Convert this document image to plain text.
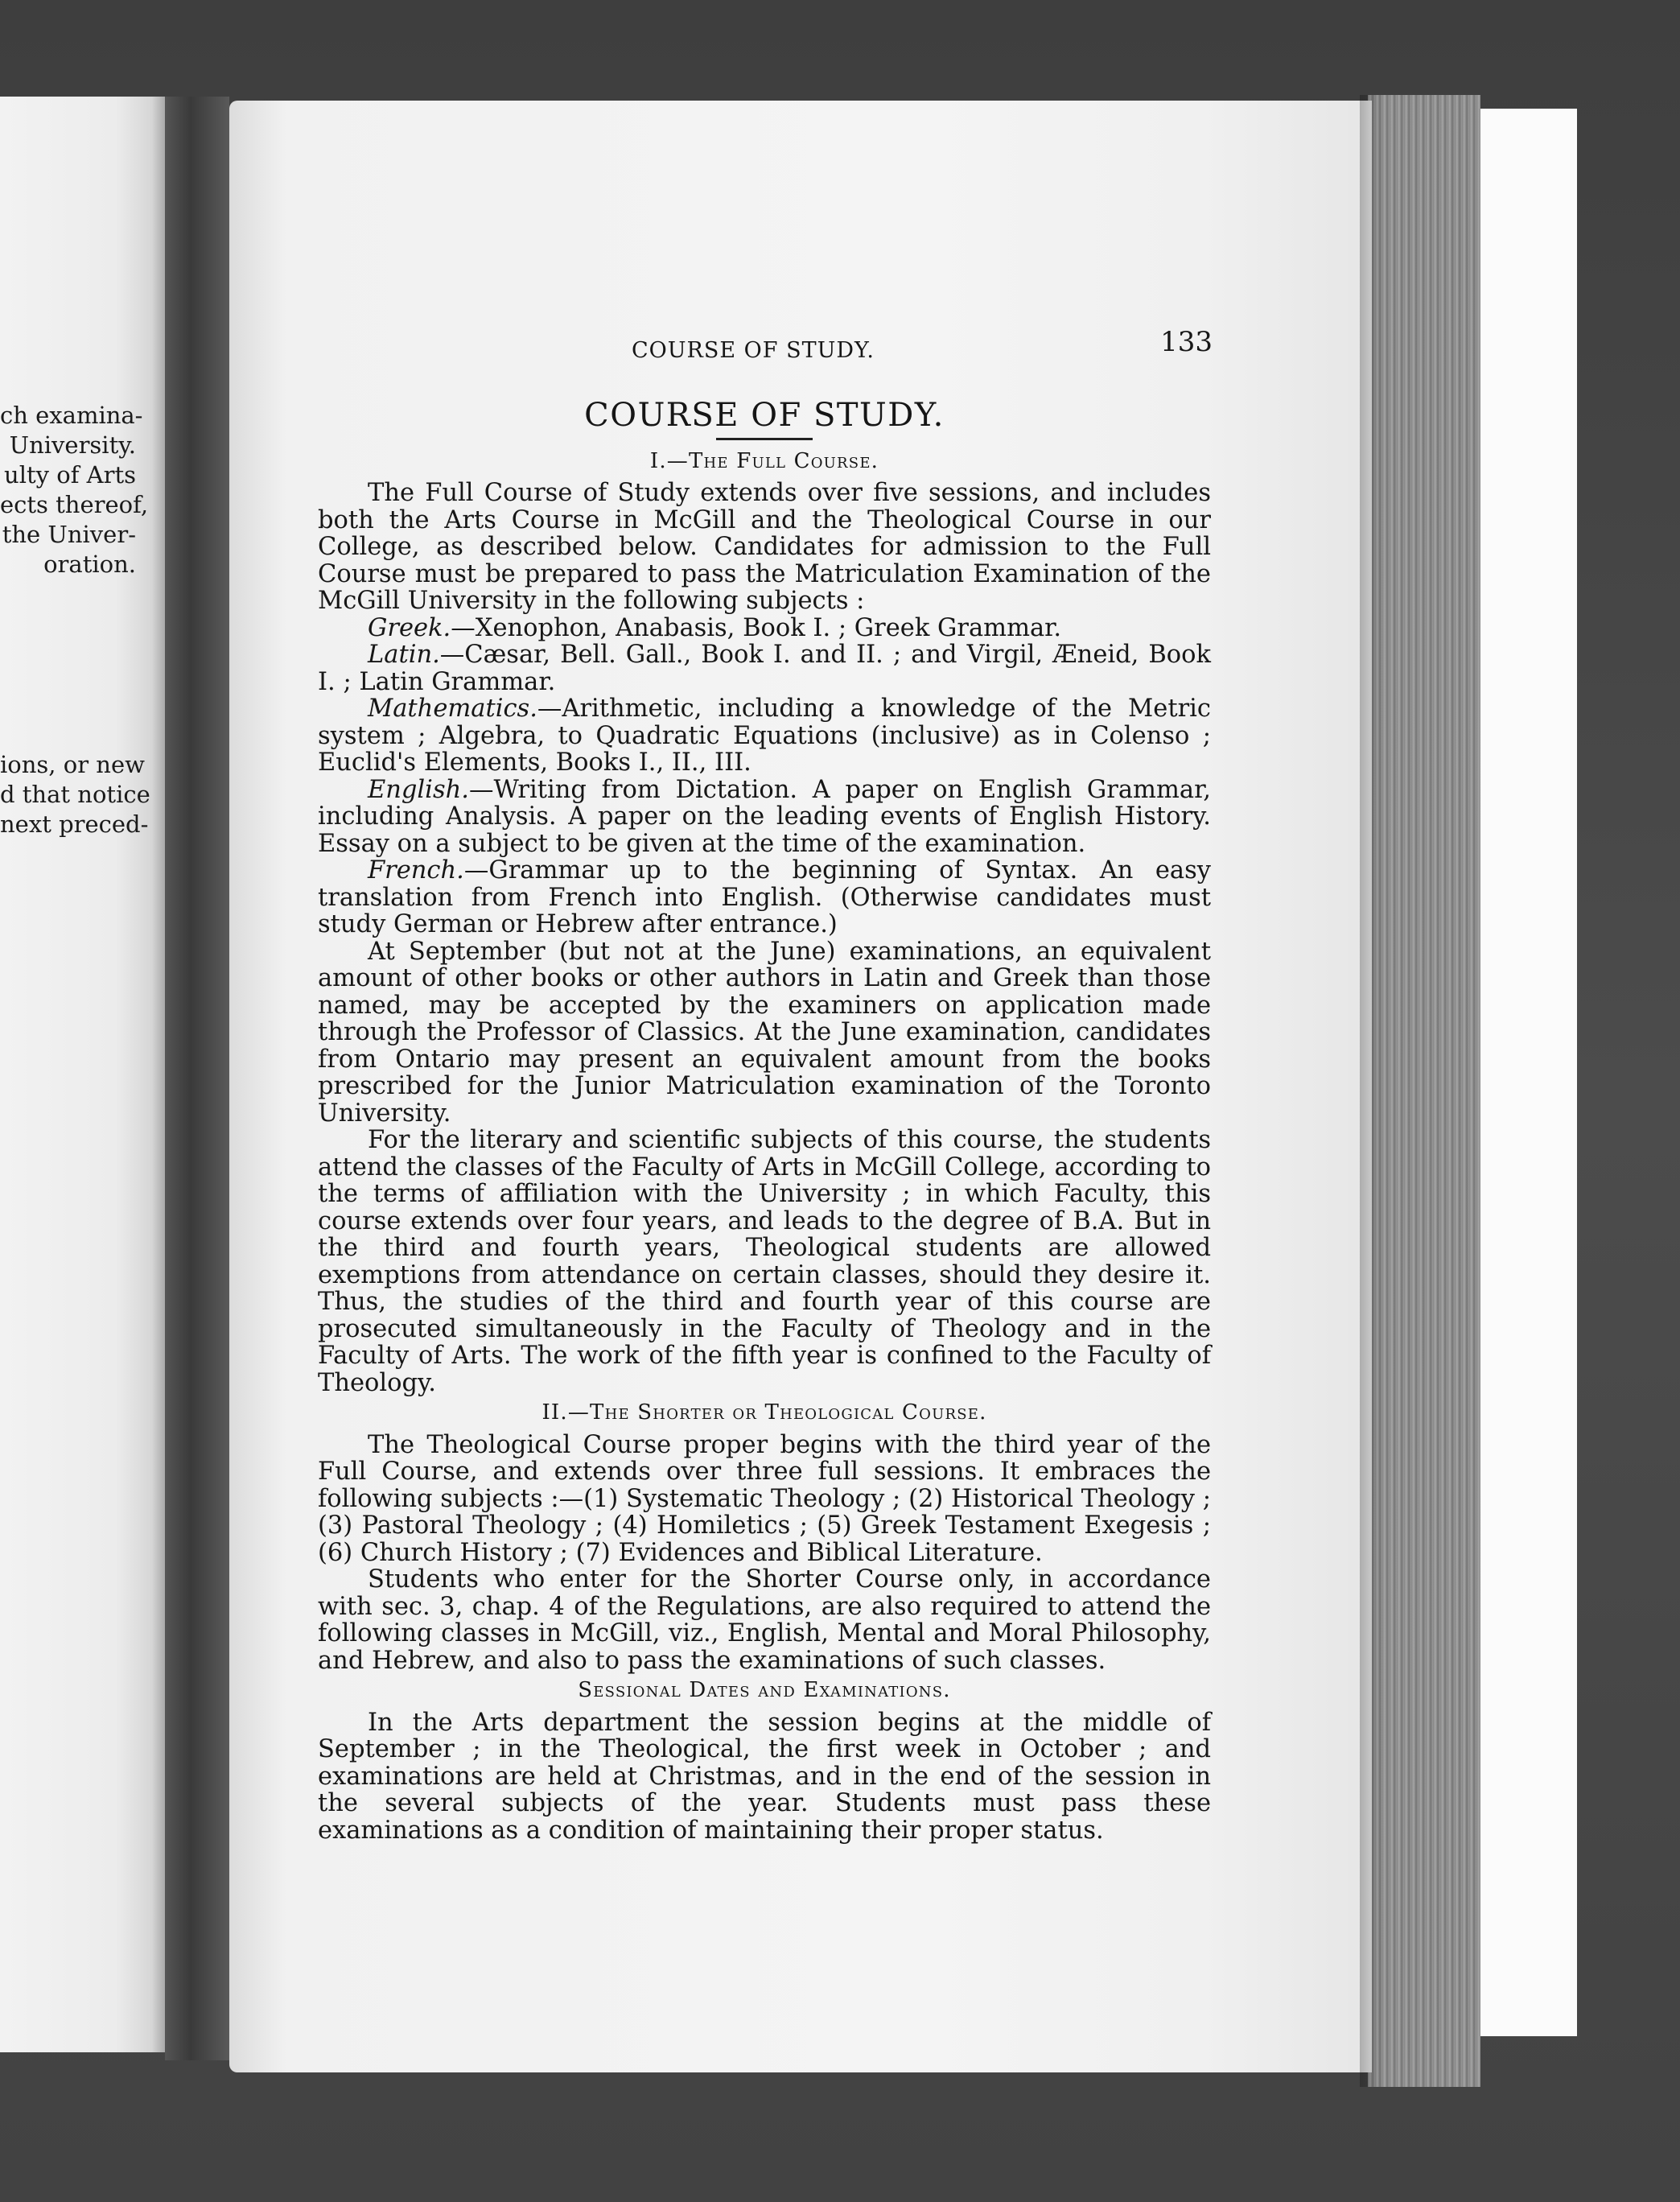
ch examina-
University.
ulty of Arts
ects thereof,
the Univer-
oration.
ions, or new
d that notice
next preced-
COURSE OF STUDY.	133
COURSE OF STUDY.
I.—The Full Course.

The Full Course of Study extends over five sessions, and includes both the Arts Course in McGill and the Theological Course in our College, as described below. Candidates for admission to the Full Course must be prepared to pass the Matriculation Examination of the McGill University in the following subjects :

Greek.—Xenophon, Anabasis, Book I. ; Greek Grammar.

Latin.—Cæsar, Bell. Gall., Book I. and II. ; and Virgil, Æneid, Book I. ; Latin Grammar.

Mathematics.—Arithmetic, including a knowledge of the Metric system ; Algebra, to Quadratic Equations (inclusive) as in Colenso ; Euclid's Elements, Books I., II., III.

English.—Writing from Dictation. A paper on English Grammar, including Analysis. A paper on the leading events of English History. Essay on a subject to be given at the time of the examination.

French.—Grammar up to the beginning of Syntax. An easy translation from French into English. (Otherwise candidates must study German or Hebrew after entrance.)

At September (but not at the June) examinations, an equivalent amount of other books or other authors in Latin and Greek than those named, may be accepted by the examiners on application made through the Professor of Classics. At the June examination, candidates from Ontario may present an equivalent amount from the books prescribed for the Junior Matriculation examination of the Toronto University.

For the literary and scientific subjects of this course, the students attend the classes of the Faculty of Arts in McGill College, according to the terms of affiliation with the University ; in which Faculty, this course extends over four years, and leads to the degree of B.A. But in the third and fourth years, Theological students are allowed exemptions from attendance on certain classes, should they desire it. Thus, the studies of the third and fourth year of this course are prosecuted simultaneously in the Faculty of Theology and in the Faculty of Arts. The work of the fifth year is confined to the Faculty of Theology.

II.—The Shorter or Theological Course.

The Theological Course proper begins with the third year of the Full Course, and extends over three full sessions. It embraces the following subjects :—(1) Systematic Theology ; (2) Historical Theology ; (3) Pastoral Theology ; (4) Homiletics ; (5) Greek Testament Exegesis ; (6) Church History ; (7) Evidences and Biblical Literature.

Students who enter for the Shorter Course only, in accordance with sec. 3, chap. 4 of the Regulations, are also required to attend the following classes in McGill, viz., English, Mental and Moral Philosophy, and Hebrew, and also to pass the examinations of such classes.

Sessional Dates and Examinations.

In the Arts department the session begins at the middle of September ; in the Theological, the first week in October ; and examinations are held at Christmas, and in the end of the session in the several subjects of the year. Students must pass these examinations as a condition of maintaining their proper status.
